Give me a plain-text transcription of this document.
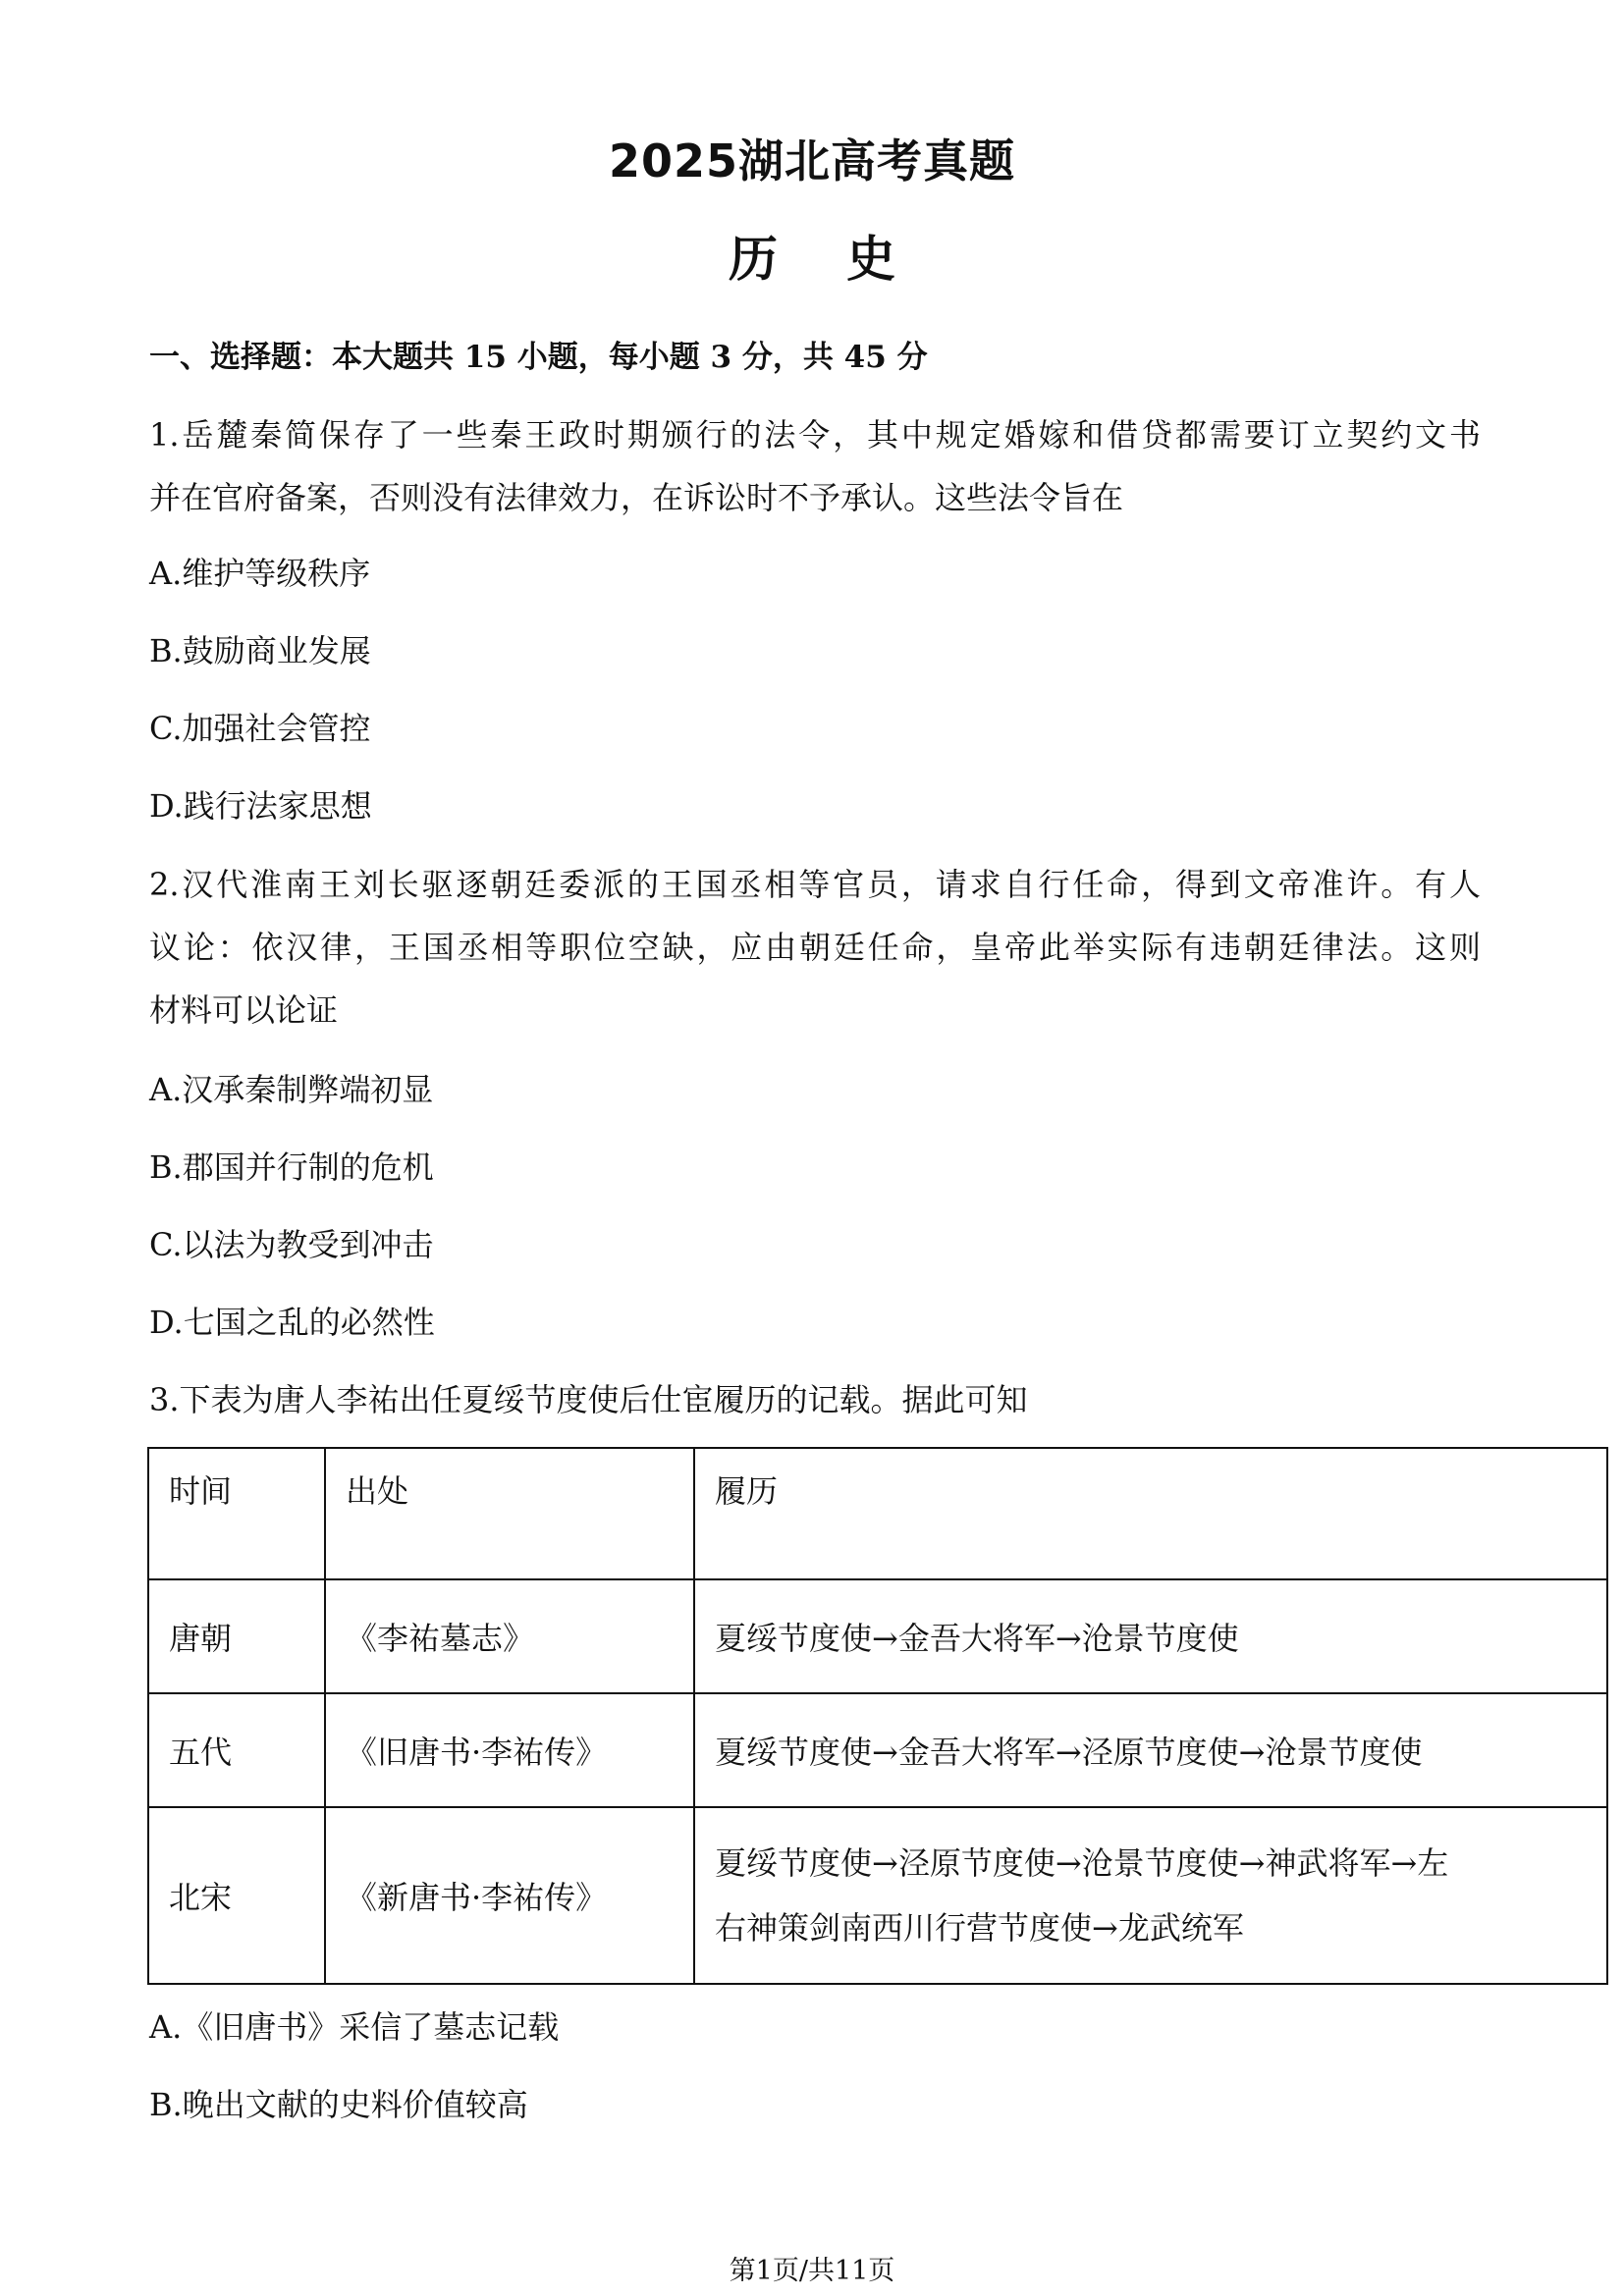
2025湖北高考真题
历史
一、选择题：本大题共 15 小题，每小题 3 分，共 45 分
1.岳麓秦简保存了一些秦王政时期颁行的法令，其中规定婚嫁和借贷都需要订立契约文书
并在官府备案，否则没有法律效力，在诉讼时不予承认。这些法令旨在
A.维护等级秩序
B.鼓励商业发展
C.加强社会管控
D.践行法家思想
2.汉代淮南王刘长驱逐朝廷委派的王国丞相等官员，请求自行任命，得到文帝准许。有人
议论：依汉律，王国丞相等职位空缺，应由朝廷任命，皇帝此举实际有违朝廷律法。这则
材料可以论证
A.汉承秦制弊端初显
B.郡国并行制的危机
C.以法为教受到冲击
D.七国之乱的必然性
3.下表为唐人李祐出任夏绥节度使后仕宦履历的记载。据此可知
时间	出处	履历
唐朝	《李祐墓志》	夏绥节度使→金吾大将军→沧景节度使
五代	《旧唐书·李祐传》	夏绥节度使→金吾大将军→泾原节度使→沧景节度使
北宋	《新唐书·李祐传》	夏绥节度使→泾原节度使→沧景节度使→神武将军→左
右神策剑南西川行营节度使→龙武统军
A.《旧唐书》采信了墓志记载
B.晚出文献的史料价值较高
第1页/共11页
